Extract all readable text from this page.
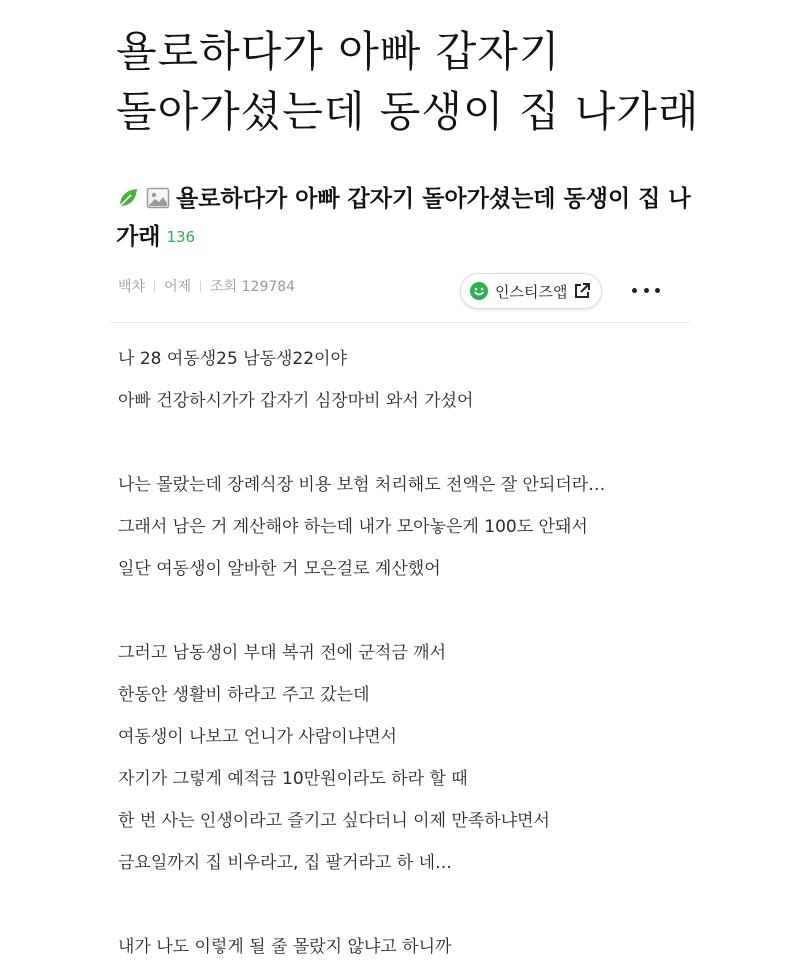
욜로하다가 아빠 갑자기
돌아가셨는데 동생이 집 나가래
욜로하다가 아빠 갑자기 돌아가셨는데 동생이 집 나가래 136
백챠 어제 조회 129784	인스티즈앱
나 28 여동생25 남동생22이야
아빠 건강하시가가 갑자기 심장마비 와서 가셨어
나는 몰랐는데 장례식장 비용 보험 처리해도 전액은 잘 안되더라…
그래서 남은 거 계산해야 하는데 내가 모아놓은게 100도 안돼서
일단 여동생이 알바한 거 모은걸로 계산했어
그러고 남동생이 부대 복귀 전에 군적금 깨서
한동안 생활비 하라고 주고 갔는데
여동생이 나보고 언니가 사람이냐면서
자기가 그렇게 예적금 10만원이라도 하라 할 때
한 번 사는 인생이라고 즐기고 싶다더니 이제 만족하냐면서
금요일까지 집 비우라고, 집 팔거라고 하 네…
내가 나도 이렇게 될 줄 몰랐지 않냐고 하니까
